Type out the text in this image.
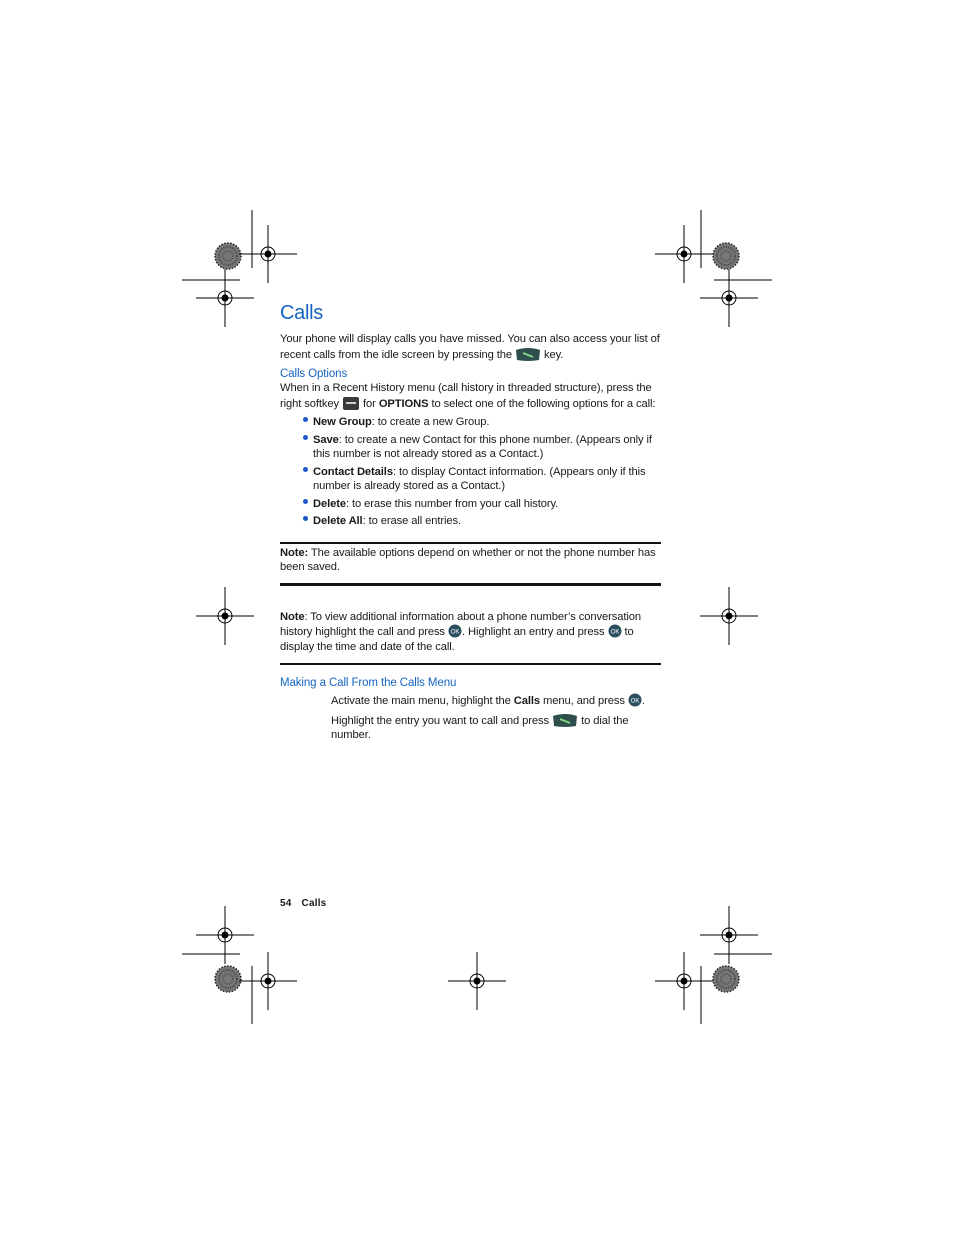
Calls

Your phone will display calls you have missed. You can also access your list of recent calls from the idle screen by pressing the	key.

Calls Options

When in a Recent History menu (call history in threaded structure), press the right softkey for OPTIONS to select one of the following options for a call:

New Group: to create a new Group.
Save: to create a new Contact for this phone number. (Appears only if this number is not already stored as a Contact.)
Contact Details: to display Contact information. (Appears only if this number is already stored as a Contact.)
Delete: to erase this number from your call history.
Delete All: to erase all entries.

Note: The available options depend on whether or not the phone number has been saved.

Note: To view additional information about a phone number’s conversation history highlight the call and press OK . Highlight an entry and press OK to display the time and date of the call.

Making a Call From the Calls Menu

Activate the main menu, highlight the Calls menu, and press OK .

Highlight the entry you want to call and press	to dial the number.

54 Calls
